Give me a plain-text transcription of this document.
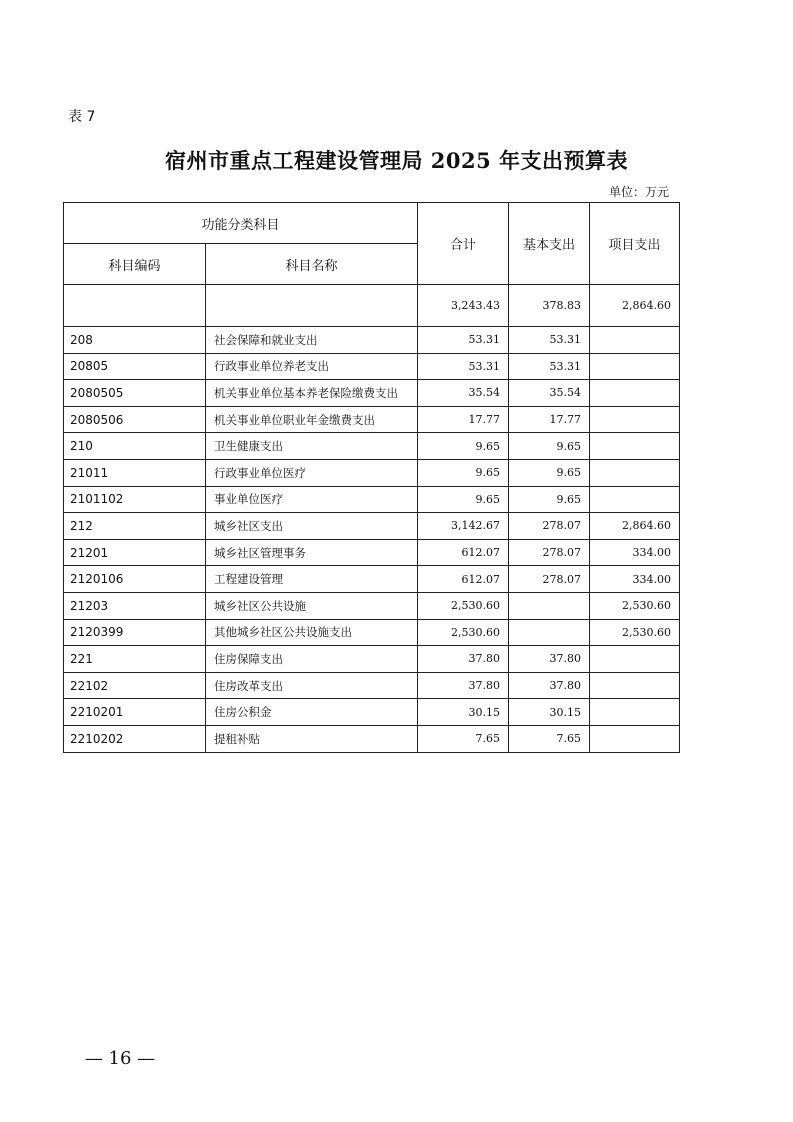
表 7
宿州市重点工程建设管理局 2025 年支出预算表
单位：万元
功能分类科目		合计	基本支出	项目支出
科目编码	科目名称			
		3,243.43	378.83	2,864.60
208	社会保障和就业支出	53.31	53.31	
20805	行政事业单位养老支出	53.31	53.31	
2080505	机关事业单位基本养老保险缴费支出	35.54	35.54	
2080506	机关事业单位职业年金缴费支出	17.77	17.77	
210	卫生健康支出	9.65	9.65	
21011	行政事业单位医疗	9.65	9.65	
2101102	事业单位医疗	9.65	9.65	
212	城乡社区支出	3,142.67	278.07	2,864.60
21201	城乡社区管理事务	612.07	278.07	334.00
2120106	工程建设管理	612.07	278.07	334.00
21203	城乡社区公共设施	2,530.60		2,530.60
2120399	其他城乡社区公共设施支出	2,530.60		2,530.60
221	住房保障支出	37.80	37.80	
22102	住房改革支出	37.80	37.80	
2210201	住房公积金	30.15	30.15	
2210202	提租补贴	7.65	7.65	
— 16 —
